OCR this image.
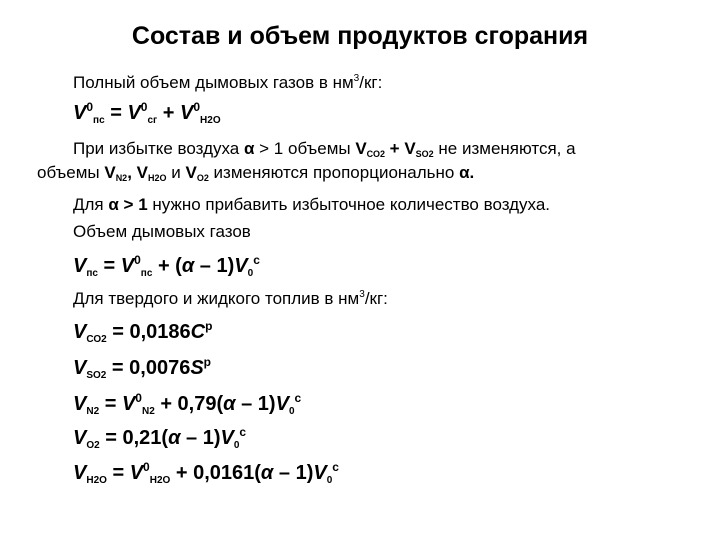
Состав и объем продуктов сгорания
Полный объем дымовых газов в $нм^3/кг$:
$V^0_{пс} = V^0_{сг} + V^0_{Н2О}$
При избытке воздуха α > 1 объемы $V_{СО2} + V_{SO2}$ не изменяются, а
объемы $V_{N2}$, $V_{H2O}$ и $V_{O2}$ изменяются пропорционально α.
Для α > 1 нужно прибавить избыточное количество воздуха.
Объем дымовых газов
$V_{пс} = V^0_{пс} + (\alpha - 1)V_0^с$
Для твердого и жидкого топлив в $нм^3/кг$:
$V_{СО2} = 0,0186С^р$
$V_{SO2} = 0,0076S^р$
$V_{N2} = V^0_{N2} + 0,79(\alpha - 1)V_0^с$
$V_{O2} = 0,21(\alpha - 1)V_0^с$
$V_{H2O} = V^0_{H2O} + 0,0161(\alpha - 1)V_0^с$
